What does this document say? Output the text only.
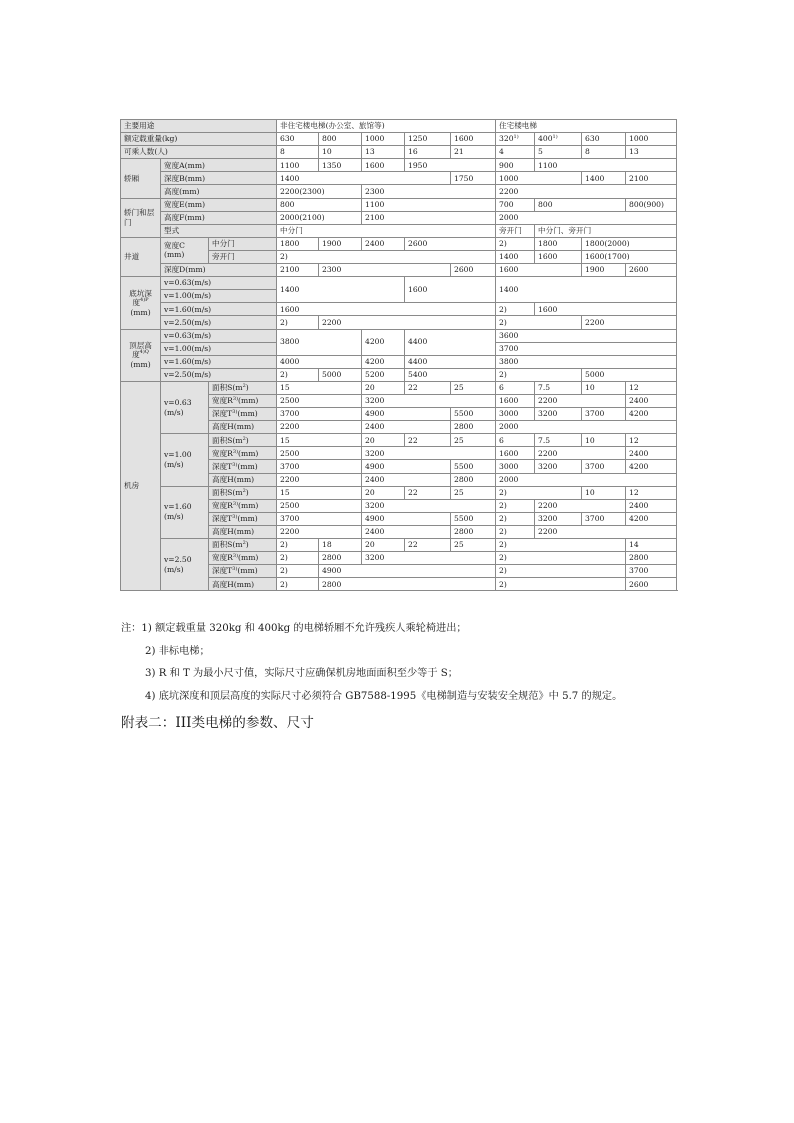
主要用途			非住宅楼电梯(办公室、旅馆等)					住宅楼电梯				
额定载重量(kg)			630	800	1000	1250	1600	320$^{1)}$	400$^{1)}$	630	1000	
可乘人数(人)			8	10	13	16	21	4	5	8	13	
轿厢	宽度A(mm)		1100	1350	1600	1950		900	1100			
	深度B(mm)		1400				1750	1000		1400	2100	
	高度(mm)		2200(2300)		2300			2200				
轿门和层门	宽度E(mm)		800		1100			700	800		800(900)	
	高度F(mm)		2000(2100)		2100			2000				
	型式		中分门					旁开门	中分门、旁开门			
井道	宽度C
(mm)	中分门	1800	1900	2400	2600		2)	1800	1800(2000)		
		旁开门	2)					1400	1600	1600(1700)		
	深度D(mm)		2100	2300			2600	1600		1900	2600	
底坑深
度$^{4)P}$
(mm)	v=0.63(m/s)		1400			1600		1400				
	v=1.00(m/s)											
	v=1.60(m/s)		1600					2)	1600			
	v=2.50(m/s)		2)	2200				2)		2200		
顶层高
度$^{4)Q}$
(mm)	v=0.63(m/s)		3800		4200	4400		3600				
	v=1.00(m/s)							3700				
	v=1.60(m/s)		4000		4200	4400		3800				
	v=2.50(m/s)		2)	5000	5200	5400		2)		5000		
机房	v=0.63
(m/s)	面积$S(m^2)$	15		20	22	25	6	7.5	10	12	
		宽度$R^{3)}(mm)$	2500		3200			1600	2200		2400	
		深度$T^{3)}(mm)$	3700		4900		5500	3000	3200	3700	4200	
		高度H(mm)	2200		2400		2800	2000				
	v=1.00
(m/s)	面积$S(m^2)$	15		20	22	25	6	7.5	10	12	
		宽度$R^{3)}(mm)$	2500		3200			1600	2200		2400	
		深度$T^{3)}(mm)$	3700		4900		5500	3000	3200	3700	4200	
		高度H(mm)	2200		2400		2800	2000				
	v=1.60
(m/s)	面积$S(m^2)$	15		20	22	25	2)		10	12	
		宽度$R^{3)}(mm)$	2500		3200			2)	2200		2400	
		深度$T^{3)}(mm)$	3700		4900		5500	2)	3200	3700	4200	
		高度H(mm)	2200		2400		2800	2)	2200			
	v=2.50
(m/s)	面积$S(m^2)$	2)	18	20	22	25	2)			14	
		宽度$R^{3)}(mm)$	2)	2800	3200			2)			2800	
		深度$T^{3)}(mm)$	2)	4900				2)			3700	
		高度H(mm)	2)	2800				2)			2600	
注：1) 额定载重量 320kg 和 400kg 的电梯轿厢不允许残疾人乘轮椅进出；
2) 非标电梯；
3) R 和 T 为最小尺寸值，实际尺寸应确保机房地面面积至少等于 S；
4) 底坑深度和顶层高度的实际尺寸必须符合 GB7588-1995《电梯制造与安装安全规范》中 5.7 的规定。
附表二：III类电梯的参数、尺寸
